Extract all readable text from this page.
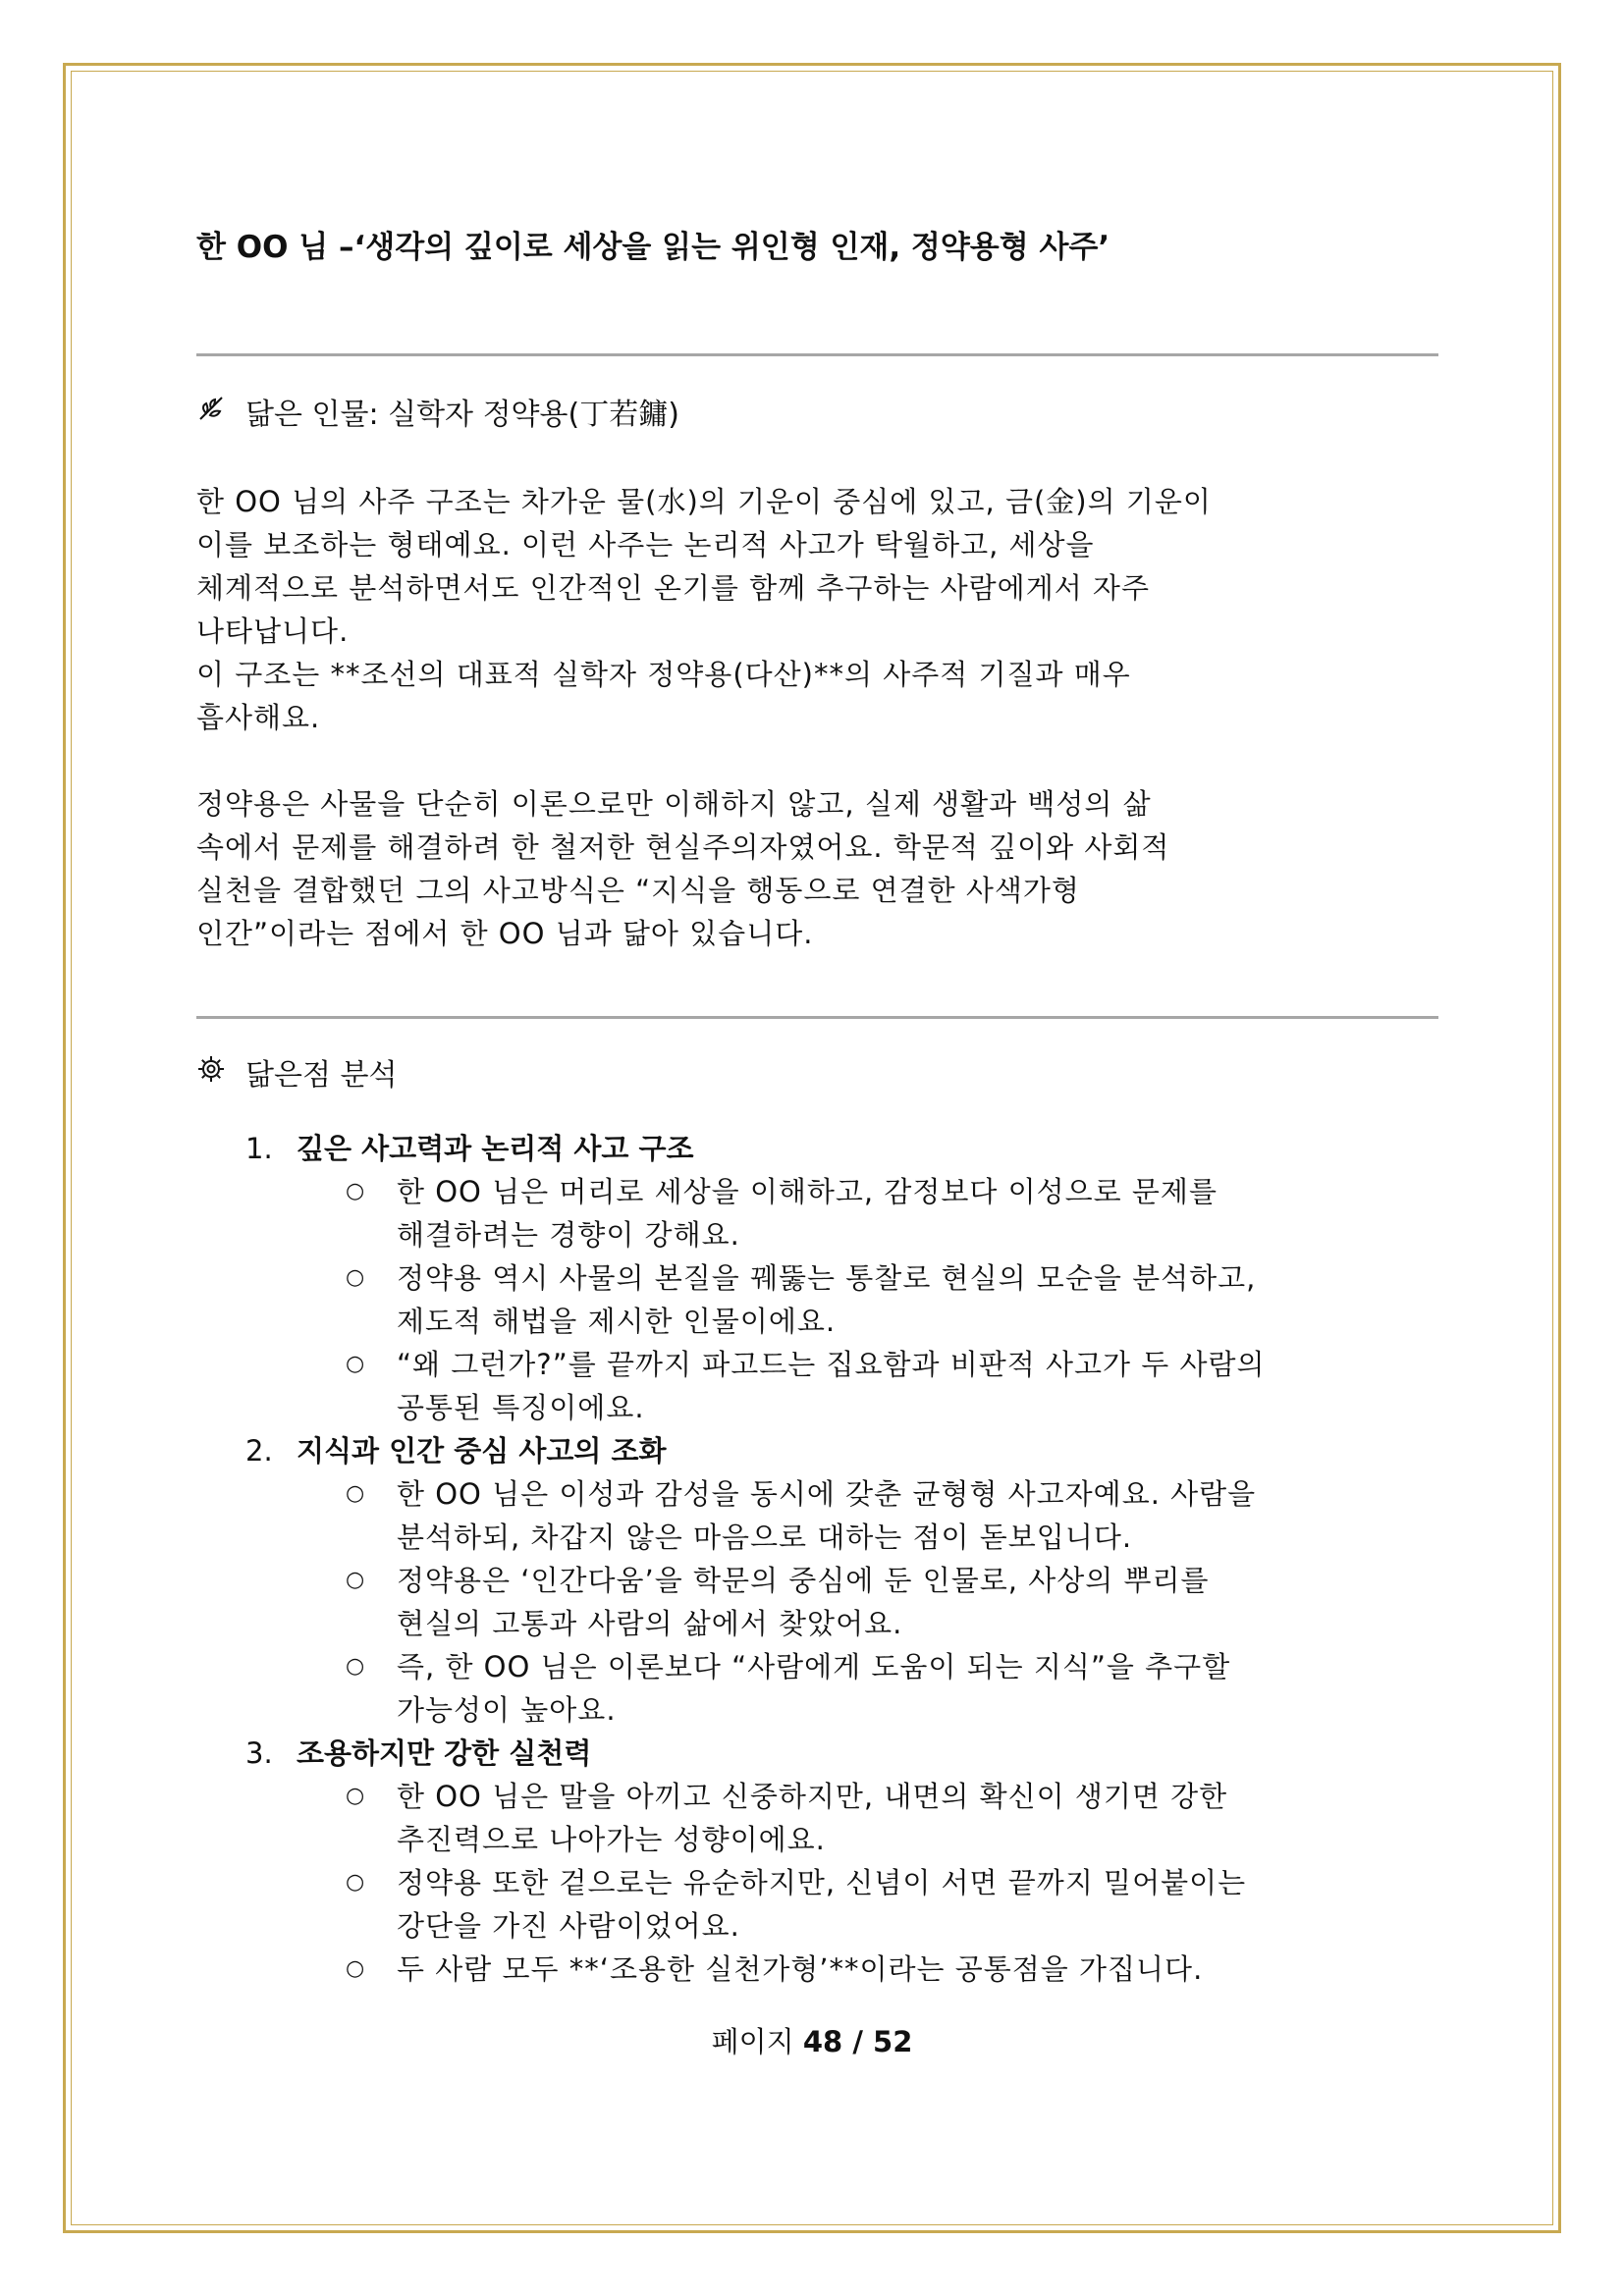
한 OO 님 –‘생각의 깊이로 세상을 읽는 위인형 인재, 정약용형 사주’
닮은 인물: 실학자 정약용(丁若鏞)
한 OO 님의 사주 구조는 차가운 물(水)의 기운이 중심에 있고, 금(金)의 기운이
이를 보조하는 형태예요. 이런 사주는 논리적 사고가 탁월하고, 세상을
체계적으로 분석하면서도 인간적인 온기를 함께 추구하는 사람에게서 자주
나타납니다.
이 구조는 **조선의 대표적 실학자 정약용(다산)**의 사주적 기질과 매우
흡사해요.
정약용은 사물을 단순히 이론으로만 이해하지 않고, 실제 생활과 백성의 삶
속에서 문제를 해결하려 한 철저한 현실주의자였어요. 학문적 깊이와 사회적
실천을 결합했던 그의 사고방식은 “지식을 행동으로 연결한 사색가형
인간”이라는 점에서 한 OO 님과 닮아 있습니다.
닮은점 분석
1. 깊은 사고력과 논리적 사고 구조
○	한 OO 님은 머리로 세상을 이해하고, 감정보다 이성으로 문제를
해결하려는 경향이 강해요.
○	정약용 역시 사물의 본질을 꿰뚫는 통찰로 현실의 모순을 분석하고,
제도적 해법을 제시한 인물이에요.
○	“왜 그런가?”를 끝까지 파고드는 집요함과 비판적 사고가 두 사람의
공통된 특징이에요.
2. 지식과 인간 중심 사고의 조화
○	한 OO 님은 이성과 감성을 동시에 갖춘 균형형 사고자예요. 사람을
분석하되, 차갑지 않은 마음으로 대하는 점이 돋보입니다.
○	정약용은 ‘인간다움’을 학문의 중심에 둔 인물로, 사상의 뿌리를
현실의 고통과 사람의 삶에서 찾았어요.
○	즉, 한 OO 님은 이론보다 “사람에게 도움이 되는 지식”을 추구할
가능성이 높아요.
3. 조용하지만 강한 실천력
○	한 OO 님은 말을 아끼고 신중하지만, 내면의 확신이 생기면 강한
추진력으로 나아가는 성향이에요.
○	정약용 또한 겉으로는 유순하지만, 신념이 서면 끝까지 밀어붙이는
강단을 가진 사람이었어요.
○	두 사람 모두 **‘조용한 실천가형’**이라는 공통점을 가집니다.
페이지 48 / 52
